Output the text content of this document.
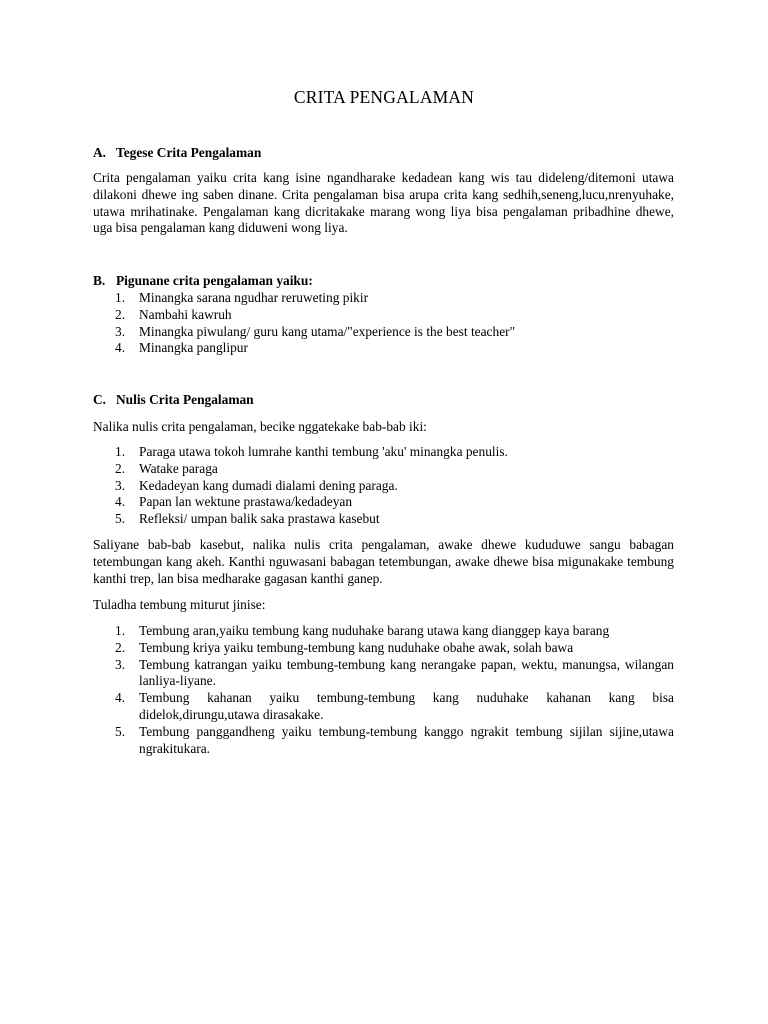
CRITA PENGALAMAN
A. Tegese Crita Pengalaman
Crita pengalaman yaiku crita kang isine ngandharake kedadean kang wis tau dideleng/ditemoni utawa dilakoni dhewe ing saben dinane. Crita pengalaman bisa arupa crita kang sedhih,seneng,lucu,nrenyuhake, utawa mrihatinake. Pengalaman kang dicritakake marang wong liya bisa pengalaman pribadhine dhewe, uga bisa pengalaman kang diduweni wong liya.
B. Pigunane crita pengalaman yaiku:
1. Minangka sarana ngudhar reruweting pikir
2. Nambahi kawruh
3. Minangka piwulang/ guru kang utama/"experience is the best teacher"
4. Minangka panglipur
C. Nulis Crita Pengalaman
Nalika nulis crita pengalaman, becike nggatekake bab-bab iki:
1. Paraga utawa tokoh lumrahe kanthi tembung 'aku' minangka penulis.
2. Watake paraga
3. Kedadeyan kang dumadi dialami dening paraga.
4. Papan lan wektune prastawa/kedadeyan
5. Refleksi/ umpan balik saka prastawa kasebut
Saliyane bab-bab kasebut, nalika nulis crita pengalaman, awake dhewe kududuwe sangu babagan tetembungan kang akeh. Kanthi nguwasani babagan tetembungan, awake dhewe bisa migunakake tembung kanthi trep, lan bisa medharake gagasan kanthi ganep.
Tuladha tembung miturut jinise:
1. Tembung aran,yaiku tembung kang nuduhake barang utawa kang dianggep kaya barang
2. Tembung kriya yaiku tembung-tembung kang nuduhake obahe awak, solah bawa
3. Tembung katrangan yaiku tembung-tembung kang nerangake papan, wektu, manungsa, wilangan lanliya-liyane.
4. Tembung kahanan yaiku tembung-tembung kang nuduhake kahanan kang bisa didelok,dirungu,utawa dirasakake.
5. Tembung panggandheng yaiku tembung-tembung kanggo ngrakit tembung sijilan sijine,utawa ngrakitukara.
